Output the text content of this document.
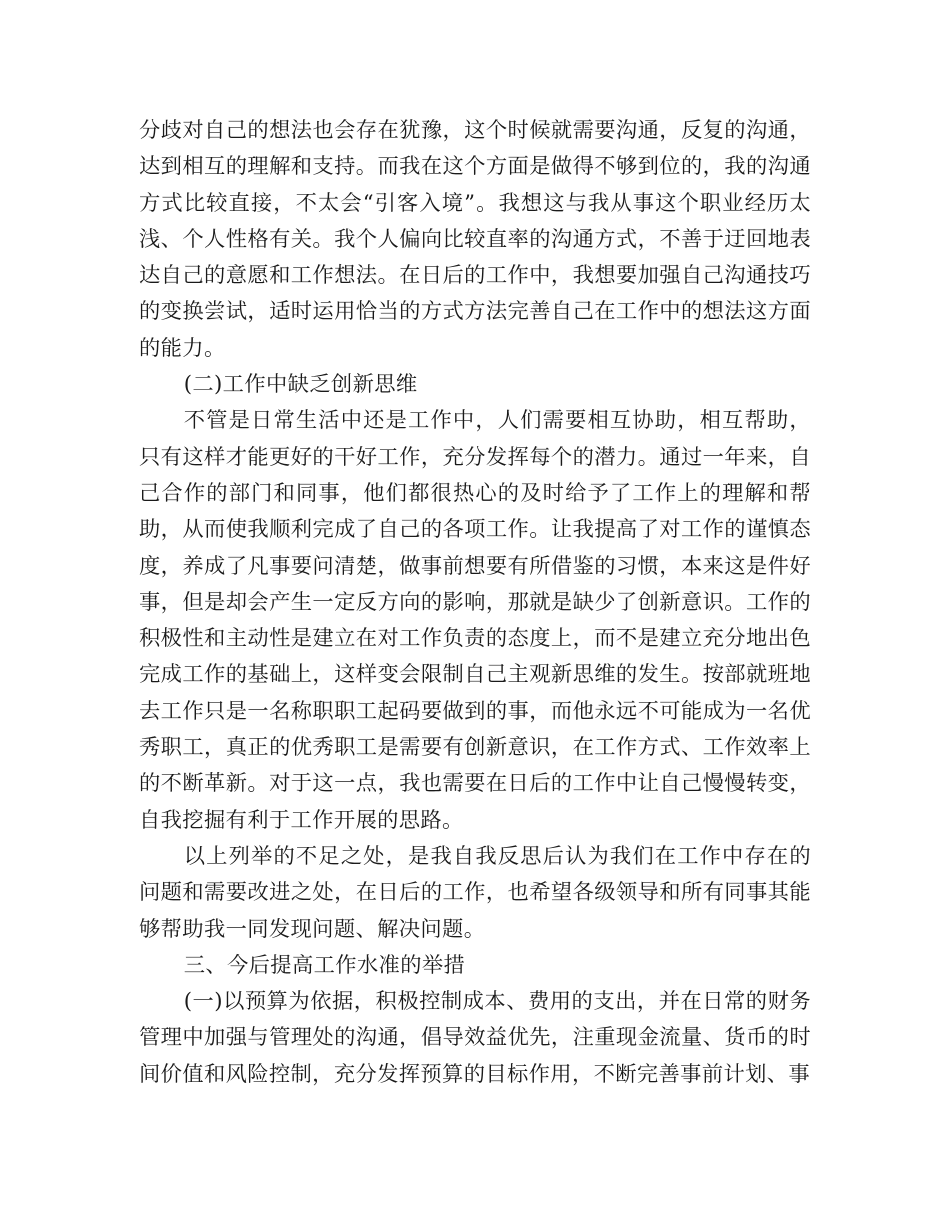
分歧对自己的想法也会存在犹豫，这个时候就需要沟通，反复的沟通，达到相互的理解和支持。而我在这个方面是做得不够到位的，我的沟通方式比较直接，不太会“引客入境”。我想这与我从事这个职业经历太浅、个人性格有关。我个人偏向比较直率的沟通方式，不善于迂回地表达自己的意愿和工作想法。在日后的工作中，我想要加强自己沟通技巧的变换尝试，适时运用恰当的方式方法完善自己在工作中的想法这方面的能力。

(二)工作中缺乏创新思维

不管是日常生活中还是工作中，人们需要相互协助，相互帮助，只有这样才能更好的干好工作，充分发挥每个的潜力。通过一年来，自己合作的部门和同事，他们都很热心的及时给予了工作上的理解和帮助，从而使我顺利完成了自己的各项工作。让我提高了对工作的谨慎态度，养成了凡事要问清楚，做事前想要有所借鉴的习惯，本来这是件好事，但是却会产生一定反方向的影响，那就是缺少了创新意识。工作的积极性和主动性是建立在对工作负责的态度上，而不是建立充分地出色完成工作的基础上，这样变会限制自己主观新思维的发生。按部就班地去工作只是一名称职职工起码要做到的事，而他永远不可能成为一名优秀职工，真正的优秀职工是需要有创新意识，在工作方式、工作效率上的不断革新。对于这一点，我也需要在日后的工作中让自己慢慢转变，自我挖掘有利于工作开展的思路。

以上列举的不足之处，是我自我反思后认为我们在工作中存在的问题和需要改进之处，在日后的工作，也希望各级领导和所有同事其能够帮助我一同发现问题、解决问题。

三、今后提高工作水准的举措

(一)以预算为依据，积极控制成本、费用的支出，并在日常的财务管理中加强与管理处的沟通，倡导效益优先，注重现金流量、货币的时间价值和风险控制，充分发挥预算的目标作用，不断完善事前计划、事
